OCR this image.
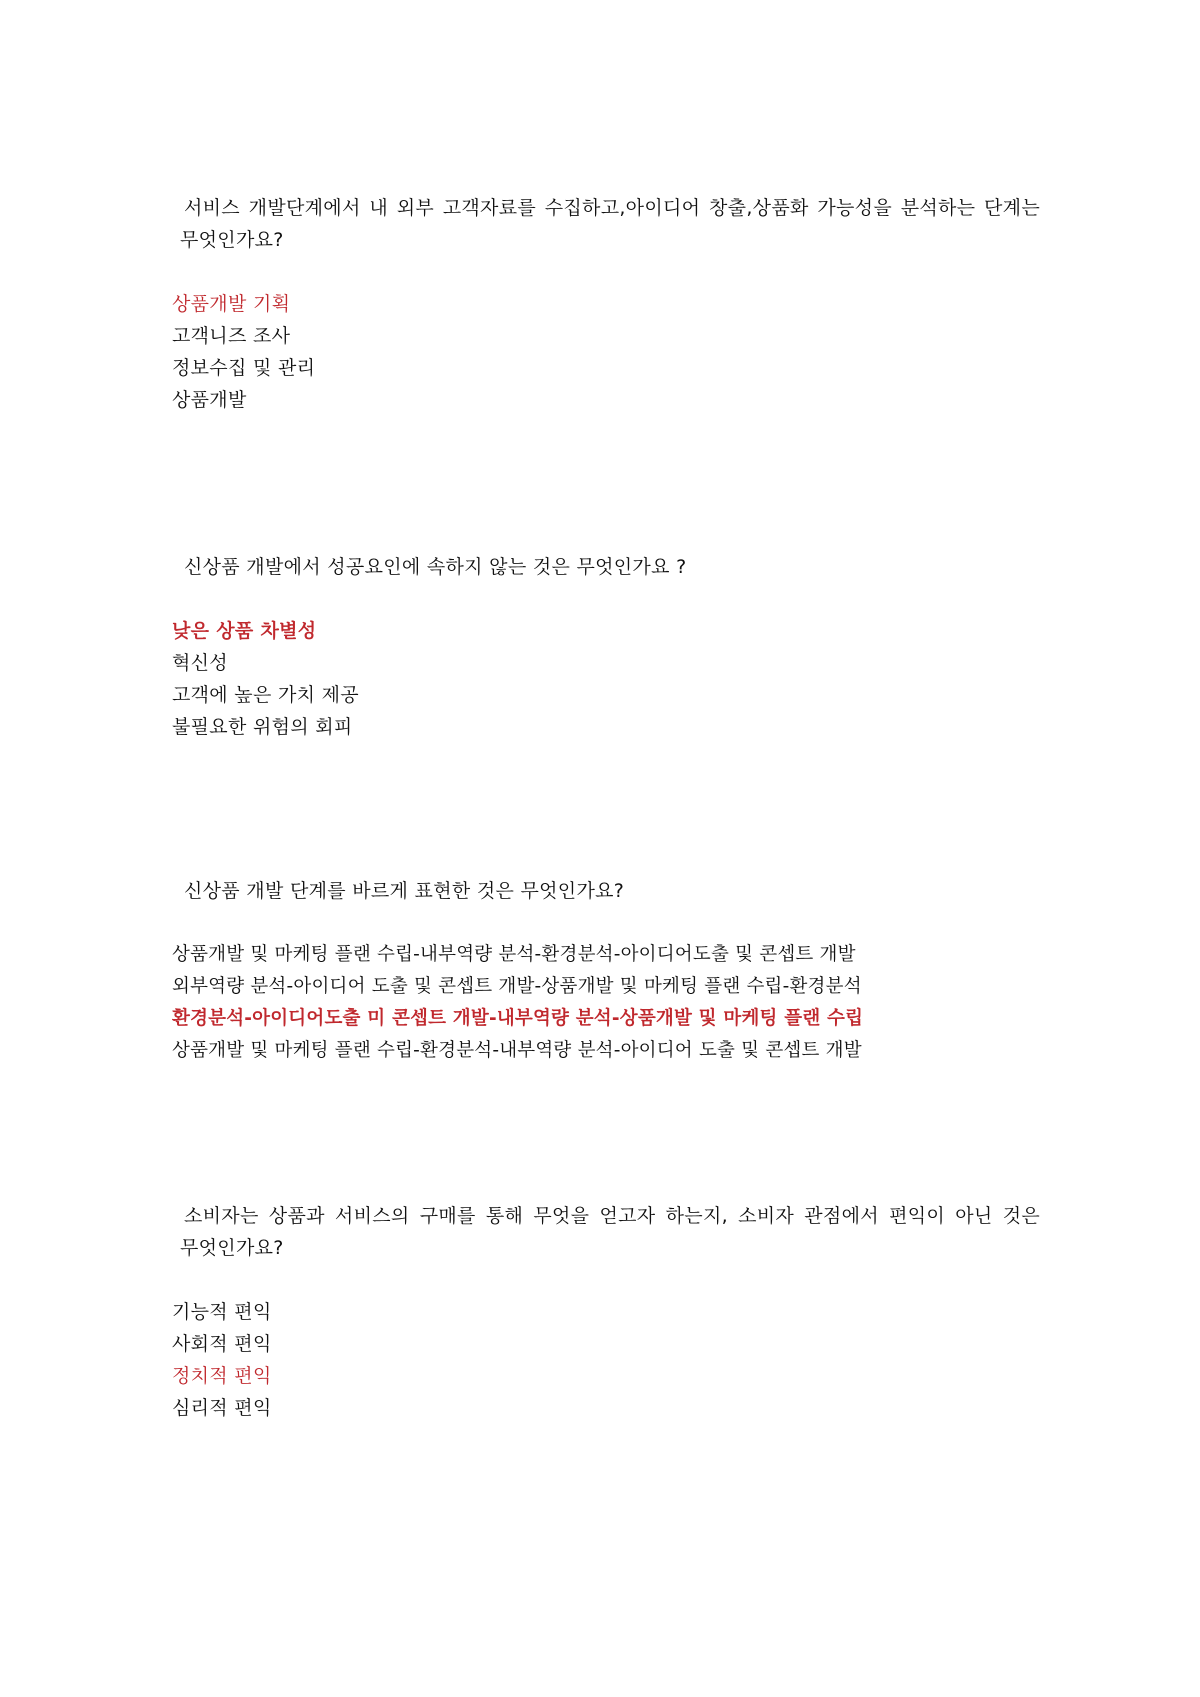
서비스 개발단계에서 내 외부 고객자료를 수집하고,아이디어 창출,상품화 가능성을 분석하는 단계는 무엇인가요?

상품개발 기획
고객니즈 조사
정보수집 및 관리
상품개발

신상품 개발에서 성공요인에 속하지 않는 것은 무엇인가요 ?

낮은 상품 차별성
혁신성
고객에 높은 가치 제공
불필요한 위험의 회피

신상품 개발 단계를 바르게 표현한 것은 무엇인가요?

상품개발 및 마케팅 플랜 수립-내부역량 분석-환경분석-아이디어도출 및 콘셉트 개발
외부역량 분석-아이디어 도출 및 콘셉트 개발-상품개발 및 마케팅 플랜 수립-환경분석
환경분석-아이디어도출 미 콘셉트 개발-내부역량 분석-상품개발 및 마케팅 플랜 수립
상품개발 및 마케팅 플랜 수립-환경분석-내부역량 분석-아이디어 도출 및 콘셉트 개발

소비자는 상품과 서비스의 구매를 통해 무엇을 얻고자 하는지, 소비자 관점에서 편익이 아닌 것은 무엇인가요?

기능적 편익
사회적 편익
정치적 편익
심리적 편익
